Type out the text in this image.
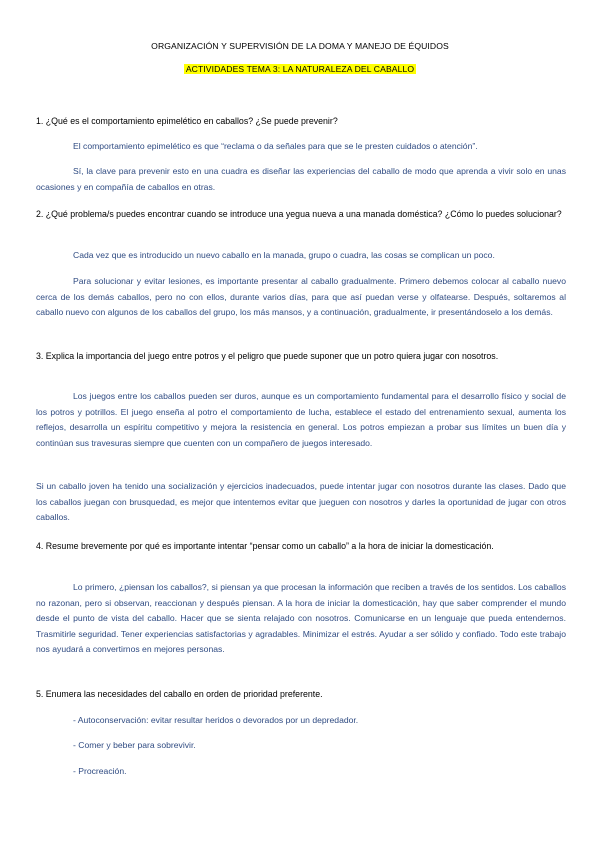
ORGANIZACIÓN Y SUPERVISIÓN DE LA DOMA Y MANEJO DE ÉQUIDOS
ACTIVIDADES TEMA 3: LA NATURALEZA DEL CABALLO
1. ¿Qué es el comportamiento epimelético en caballos? ¿Se puede prevenir?
El comportamiento epimelético es que “reclama o da señales para que se le presten cuidados o atención”.
Sí, la clave para prevenir esto en una cuadra es diseñar las experiencias del caballo de modo que aprenda a vivir solo en unas ocasiones y en compañía de caballos en otras.
2. ¿Qué problema/s puedes encontrar cuando se introduce una yegua nueva a una manada doméstica? ¿Cómo lo puedes solucionar?
Cada vez que es introducido un nuevo caballo en la manada, grupo o cuadra, las cosas se complican un poco.
Para solucionar y evitar lesiones, es importante presentar al caballo gradualmente. Primero debemos colocar al caballo nuevo cerca de los demás caballos, pero no con ellos, durante varios días, para que así puedan verse y olfatearse. Después, soltaremos al caballo nuevo con algunos de los caballos del grupo, los más mansos, y a continuación, gradualmente, ir presentándoselo a los demás.
3. Explica la importancia del juego entre potros y el peligro que puede suponer que un potro quiera jugar con nosotros.
Los juegos entre los caballos pueden ser duros, aunque es un comportamiento fundamental para el desarrollo físico y social de los potros y potrillos. El juego enseña al potro el comportamiento de lucha, establece el estado del entrenamiento sexual, aumenta los reflejos, desarrolla un espíritu competitivo y mejora la resistencia en general. Los potros empiezan a probar sus límites un buen día y continúan sus travesuras siempre que cuenten con un compañero de juegos interesado.
Si un caballo joven ha tenido una socialización y ejercicios inadecuados, puede intentar jugar con nosotros durante las clases. Dado que los caballos juegan con brusquedad, es mejor que intentemos evitar que jueguen con nosotros y darles la oportunidad de jugar con otros caballos.
4. Resume brevemente por qué es importante intentar “pensar como un caballo” a la hora de iniciar la domesticación.
Lo primero, ¿piensan los caballos?, si piensan ya que procesan la información que reciben a través de los sentidos. Los caballos no razonan, pero si observan, reaccionan y después piensan. A la hora de iniciar la domesticación, hay que saber comprender el mundo desde el punto de vista del caballo. Hacer que se sienta relajado con nosotros. Comunicarse en un lenguaje que pueda entendernos. Trasmitirle seguridad. Tener experiencias satisfactorias y agradables. Minimizar el estrés. Ayudar a ser sólido y confiado. Todo este trabajo nos ayudará a convertirnos en mejores personas.
5. Enumera las necesidades del caballo en orden de prioridad preferente.
- Autoconservación: evitar resultar heridos o devorados por un depredador.
- Comer y beber para sobrevivir.
- Procreación.
